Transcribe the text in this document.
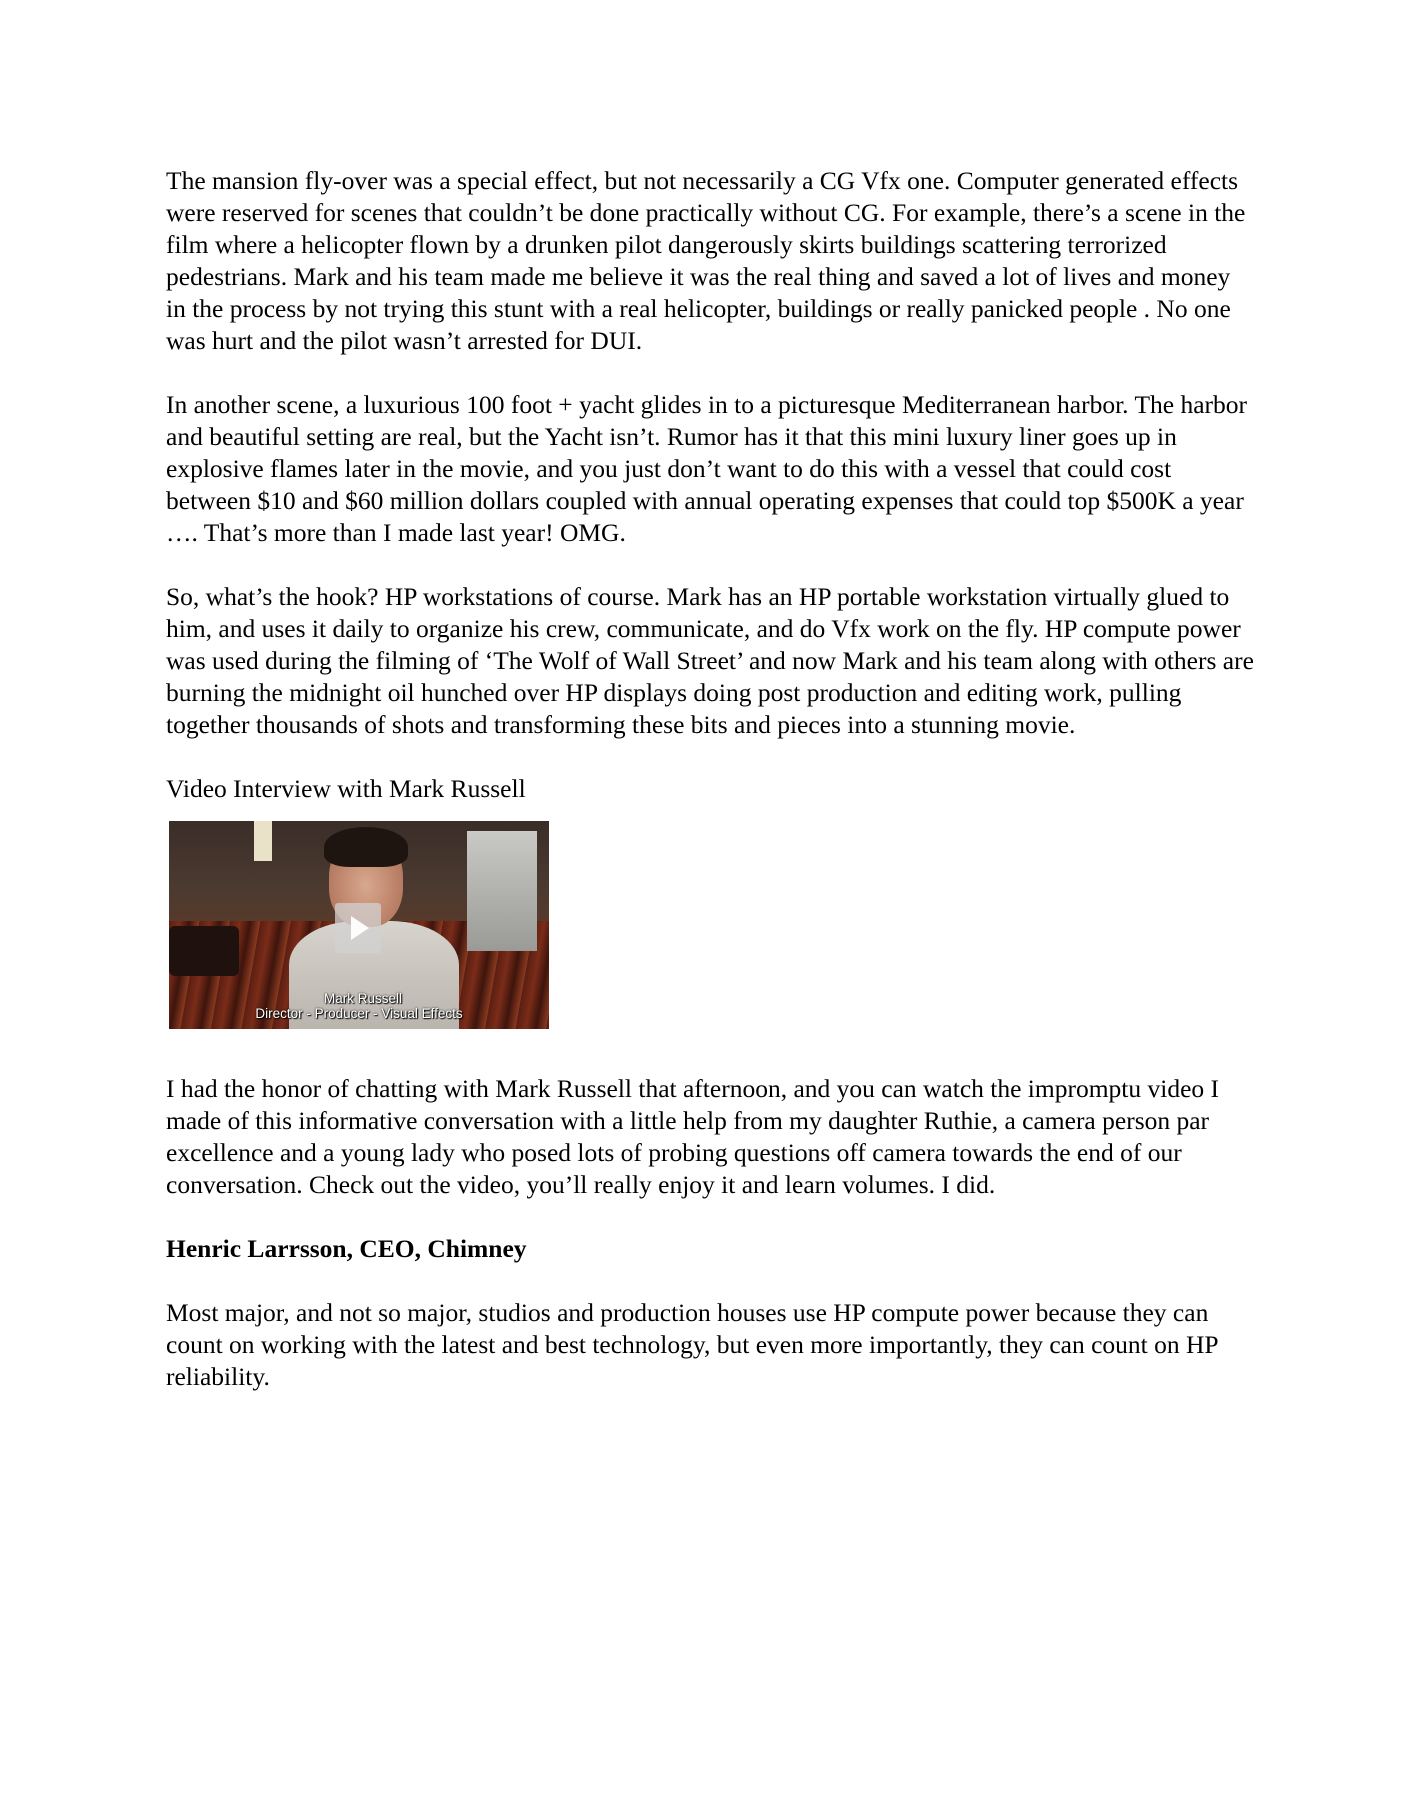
The mansion fly-over was a special effect, but not necessarily a CG Vfx one. Computer generated effects were reserved for scenes that couldn’t be done practically without CG. For example, there’s a scene in the film where a helicopter flown by a drunken pilot dangerously skirts buildings scattering terrorized pedestrians. Mark and his team made me believe it was the real thing and saved a lot of lives and money in the process by not trying this stunt with a real helicopter, buildings or really panicked people . No one was hurt and the pilot wasn’t arrested for DUI.

In another scene, a luxurious 100 foot + yacht glides in to a picturesque Mediterranean harbor. The harbor and beautiful setting are real, but the Yacht isn’t. Rumor has it that this mini luxury liner goes up in explosive flames later in the movie, and you just don’t want to do this with a vessel that could cost between $10 and $60 million dollars coupled with annual operating expenses that could top $500K a year …. That’s more than I made last year! OMG.

So, what’s the hook? HP workstations of course. Mark has an HP portable workstation virtually glued to him, and uses it daily to organize his crew, communicate, and do Vfx work on the fly. HP compute power was used during the filming of ‘The Wolf of Wall Street’ and now Mark and his team along with others are burning the midnight oil hunched over HP displays doing post production and editing work, pulling together thousands of shots and transforming these bits and pieces into a stunning movie.

Video Interview with Mark Russell

Mark Russell
Director - Producer - Visual Effects

I had the honor of chatting with Mark Russell that afternoon, and you can watch the impromptu video I made of this informative conversation with a little help from my daughter Ruthie, a camera person par excellence and a young lady who posed lots of probing questions off camera towards the end of our conversation. Check out the video, you’ll really enjoy it and learn volumes. I did.

Henric Larrsson, CEO, Chimney

Most major, and not so major, studios and production houses use HP compute power because they can count on working with the latest and best technology, but even more importantly, they can count on HP reliability.
